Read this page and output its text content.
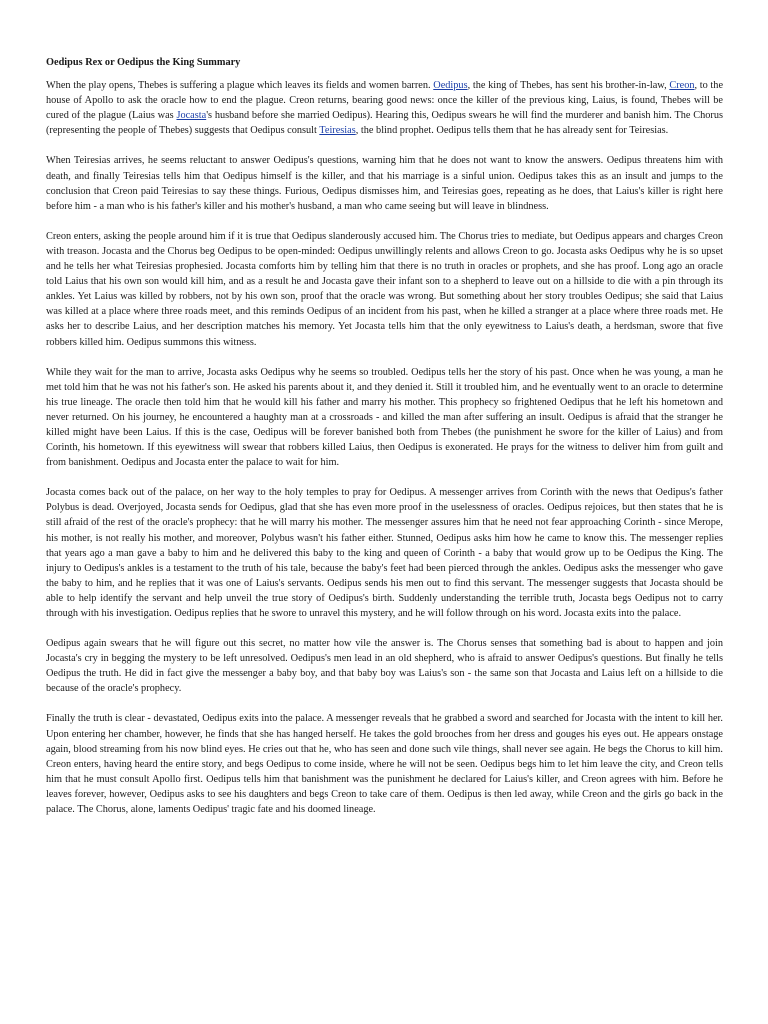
Oedipus Rex or Oedipus the King Summary

When the play opens, Thebes is suffering a plague which leaves its fields and women barren. Oedipus, the king of Thebes, has sent his brother-in-law, Creon, to the house of Apollo to ask the oracle how to end the plague. Creon returns, bearing good news: once the killer of the previous king, Laius, is found, Thebes will be cured of the plague (Laius was Jocasta's husband before she married Oedipus). Hearing this, Oedipus swears he will find the murderer and banish him. The Chorus (representing the people of Thebes) suggests that Oedipus consult Teiresias, the blind prophet. Oedipus tells them that he has already sent for Teiresias.

When Teiresias arrives, he seems reluctant to answer Oedipus's questions, warning him that he does not want to know the answers. Oedipus threatens him with death, and finally Teiresias tells him that Oedipus himself is the killer, and that his marriage is a sinful union. Oedipus takes this as an insult and jumps to the conclusion that Creon paid Teiresias to say these things. Furious, Oedipus dismisses him, and Teiresias goes, repeating as he does, that Laius's killer is right here before him - a man who is his father's killer and his mother's husband, a man who came seeing but will leave in blindness.

Creon enters, asking the people around him if it is true that Oedipus slanderously accused him. The Chorus tries to mediate, but Oedipus appears and charges Creon with treason. Jocasta and the Chorus beg Oedipus to be open-minded: Oedipus unwillingly relents and allows Creon to go. Jocasta asks Oedipus why he is so upset and he tells her what Teiresias prophesied. Jocasta comforts him by telling him that there is no truth in oracles or prophets, and she has proof. Long ago an oracle told Laius that his own son would kill him, and as a result he and Jocasta gave their infant son to a shepherd to leave out on a hillside to die with a pin through its ankles. Yet Laius was killed by robbers, not by his own son, proof that the oracle was wrong. But something about her story troubles Oedipus; she said that Laius was killed at a place where three roads meet, and this reminds Oedipus of an incident from his past, when he killed a stranger at a place where three roads met. He asks her to describe Laius, and her description matches his memory. Yet Jocasta tells him that the only eyewitness to Laius's death, a herdsman, swore that five robbers killed him. Oedipus summons this witness.

While they wait for the man to arrive, Jocasta asks Oedipus why he seems so troubled. Oedipus tells her the story of his past. Once when he was young, a man he met told him that he was not his father's son. He asked his parents about it, and they denied it. Still it troubled him, and he eventually went to an oracle to determine his true lineage. The oracle then told him that he would kill his father and marry his mother. This prophecy so frightened Oedipus that he left his hometown and never returned. On his journey, he encountered a haughty man at a crossroads - and killed the man after suffering an insult. Oedipus is afraid that the stranger he killed might have been Laius. If this is the case, Oedipus will be forever banished both from Thebes (the punishment he swore for the killer of Laius) and from Corinth, his hometown. If this eyewitness will swear that robbers killed Laius, then Oedipus is exonerated. He prays for the witness to deliver him from guilt and from banishment. Oedipus and Jocasta enter the palace to wait for him.

Jocasta comes back out of the palace, on her way to the holy temples to pray for Oedipus. A messenger arrives from Corinth with the news that Oedipus's father Polybus is dead. Overjoyed, Jocasta sends for Oedipus, glad that she has even more proof in the uselessness of oracles. Oedipus rejoices, but then states that he is still afraid of the rest of the oracle's prophecy: that he will marry his mother. The messenger assures him that he need not fear approaching Corinth - since Merope, his mother, is not really his mother, and moreover, Polybus wasn't his father either. Stunned, Oedipus asks him how he came to know this. The messenger replies that years ago a man gave a baby to him and he delivered this baby to the king and queen of Corinth - a baby that would grow up to be Oedipus the King. The injury to Oedipus's ankles is a testament to the truth of his tale, because the baby's feet had been pierced through the ankles. Oedipus asks the messenger who gave the baby to him, and he replies that it was one of Laius's servants. Oedipus sends his men out to find this servant. The messenger suggests that Jocasta should be able to help identify the servant and help unveil the true story of Oedipus's birth. Suddenly understanding the terrible truth, Jocasta begs Oedipus not to carry through with his investigation. Oedipus replies that he swore to unravel this mystery, and he will follow through on his word. Jocasta exits into the palace.

Oedipus again swears that he will figure out this secret, no matter how vile the answer is. The Chorus senses that something bad is about to happen and join Jocasta's cry in begging the mystery to be left unresolved. Oedipus's men lead in an old shepherd, who is afraid to answer Oedipus's questions. But finally he tells Oedipus the truth. He did in fact give the messenger a baby boy, and that baby boy was Laius's son - the same son that Jocasta and Laius left on a hillside to die because of the oracle's prophecy.

Finally the truth is clear - devastated, Oedipus exits into the palace. A messenger reveals that he grabbed a sword and searched for Jocasta with the intent to kill her. Upon entering her chamber, however, he finds that she has hanged herself. He takes the gold brooches from her dress and gouges his eyes out. He appears onstage again, blood streaming from his now blind eyes. He cries out that he, who has seen and done such vile things, shall never see again. He begs the Chorus to kill him. Creon enters, having heard the entire story, and begs Oedipus to come inside, where he will not be seen. Oedipus begs him to let him leave the city, and Creon tells him that he must consult Apollo first. Oedipus tells him that banishment was the punishment he declared for Laius's killer, and Creon agrees with him. Before he leaves forever, however, Oedipus asks to see his daughters and begs Creon to take care of them. Oedipus is then led away, while Creon and the girls go back in the palace. The Chorus, alone, laments Oedipus' tragic fate and his doomed lineage.
